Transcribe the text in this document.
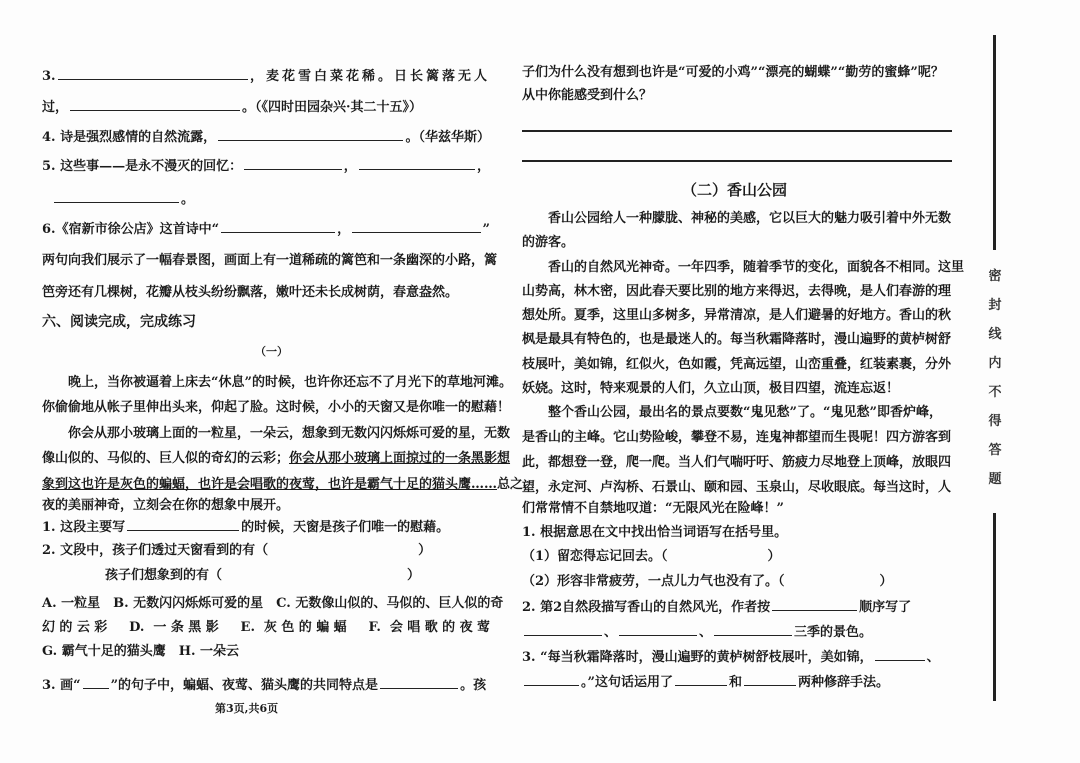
3.	，麦花雪白菜花稀。日长篱落无人
过，	。（《四时田园杂兴·其二十五》）
4. 诗是强烈感情的自然流露，	。（华兹华斯）
5. 这些事——是永不漫灭的回忆：	，	，
。
6.《宿新市徐公店》这首诗中“	，	”
两句向我们展示了一幅春景图，画面上有一道稀疏的篱笆和一条幽深的小路，篱
笆旁还有几棵树，花瓣从枝头纷纷飘落，嫩叶还未长成树荫，春意盎然。
六、阅读完成，完成练习
（一）
晚上，当你被逼着上床去“休息”的时候，也许你还忘不了月光下的草地河滩。
你偷偷地从帐子里伸出头来，仰起了脸。这时候，小小的天窗又是你唯一的慰藉！
你会从那小玻璃上面的一粒星，一朵云，想象到无数闪闪烁烁可爱的星，无数
像山似的、马似的、巨人似的奇幻的云彩； 你会从那小玻璃上面掠过的一条黑影想
象到这也许是灰色的蝙蝠，也许是会唱歌的夜莺，也许是霸气十足的猫头鹰…… 总之，
夜的美丽神奇，立刻会在你的想象中展开。
1. 这段主要写	的时候，天窗是孩子们唯一的慰藉。
2. 文段中，孩子们透过天窗看到的有（	）
孩子们想象到的有（	）
A. 一粒星　B. 无数闪闪烁烁可爱的星　C. 无数像山似的、马似的、巨人似的奇
幻的云彩　D. 一条黑影　E. 灰色的蝙蝠　F. 会唱歌的夜莺
G. 霸气十足的猫头鹰　H. 一朵云
3. 画“ ”的句子中，蝙蝠、夜莺、猫头鹰的共同特点是	。孩
第3页,共6页
子们为什么没有想到也许是“可爱的小鸡”“漂亮的蝴蝶”“勤劳的蜜蜂”呢？
从中你能感受到什么？
（二）香山公园
香山公园给人一种朦胧、神秘的美感，它以巨大的魅力吸引着中外无数
的游客。
香山的自然风光神奇。一年四季，随着季节的变化，面貌各不相同。这里
山势高，林木密，因此春天要比别的地方来得迟，去得晚，是人们春游的理
想处所。夏季，这里山多树多，异常清凉，是人们避暑的好地方。香山的秋
枫是最具有特色的，也是最迷人的。每当秋霜降落时，漫山遍野的黄栌树舒
枝展叶，美如锦，红似火，色如霞，凭高远望，山峦重叠，红装素裹，分外
妖娆。这时，特来观景的人们，久立山顶，极目四望，流连忘返！
整个香山公园，最出名的景点要数“鬼见愁”了。“鬼见愁”即香炉峰，
是香山的主峰。它山势险峻，攀登不易，连鬼神都望而生畏呢！四方游客到
此，都想登一登，爬一爬。当人们气喘吁吁、筋疲力尽地登上顶峰，放眼四
望，永定河、卢沟桥、石景山、颐和园、玉泉山，尽收眼底。每当这时，人
们常常情不自禁地叹道：“无限风光在险峰！”
1. 根据意思在文中找出恰当词语写在括号里。
（1）留恋得忘记回去。（	）
（2）形容非常疲劳，一点儿力气也没有了。（	）
2. 第2自然段描写香山的自然风光，作者按	顺序写了
、	、	三季的景色。
3. “每当秋霜降落时，漫山遍野的黄栌树舒枝展叶，美如锦，	、
。”这句话运用了	和	两种修辞手法。
密封线内不得答题
